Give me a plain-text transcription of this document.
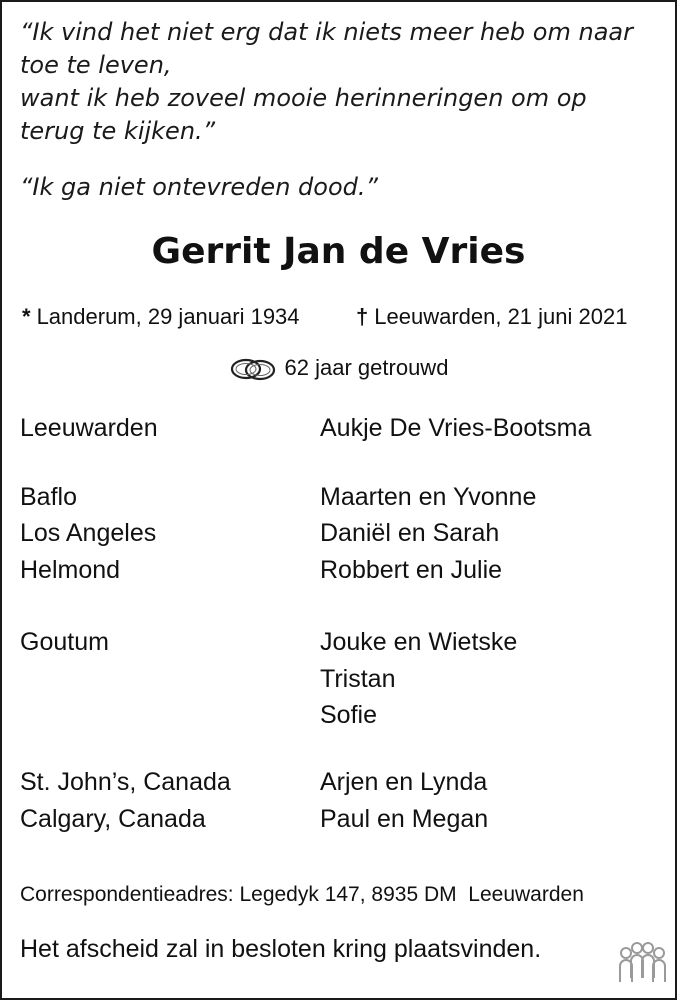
“Ik vind het niet erg dat ik niets meer heb om naar
toe te leven,
want ik heb zoveel mooie herinneringen om op
terug te kijken.”

“Ik ga niet ontevreden dood.”

Gerrit Jan de Vries
* Landerum, 29 januari 1934	† Leeuwarden, 21 juni 2021
62 jaar getrouwd
Leeuwarden	Aukje De Vries-Bootsma
Baflo	Maarten en Yvonne
Los Angeles	Daniël en Sarah
Helmond	Robbert en Julie
Goutum	Jouke en Wietske
Tristan
Sofie
St. John’s, Canada	Arjen en Lynda
Calgary, Canada	Paul en Megan
Correspondentieadres: Legedyk 147, 8935 DM  Leeuwarden
Het afscheid zal in besloten kring plaatsvinden.
